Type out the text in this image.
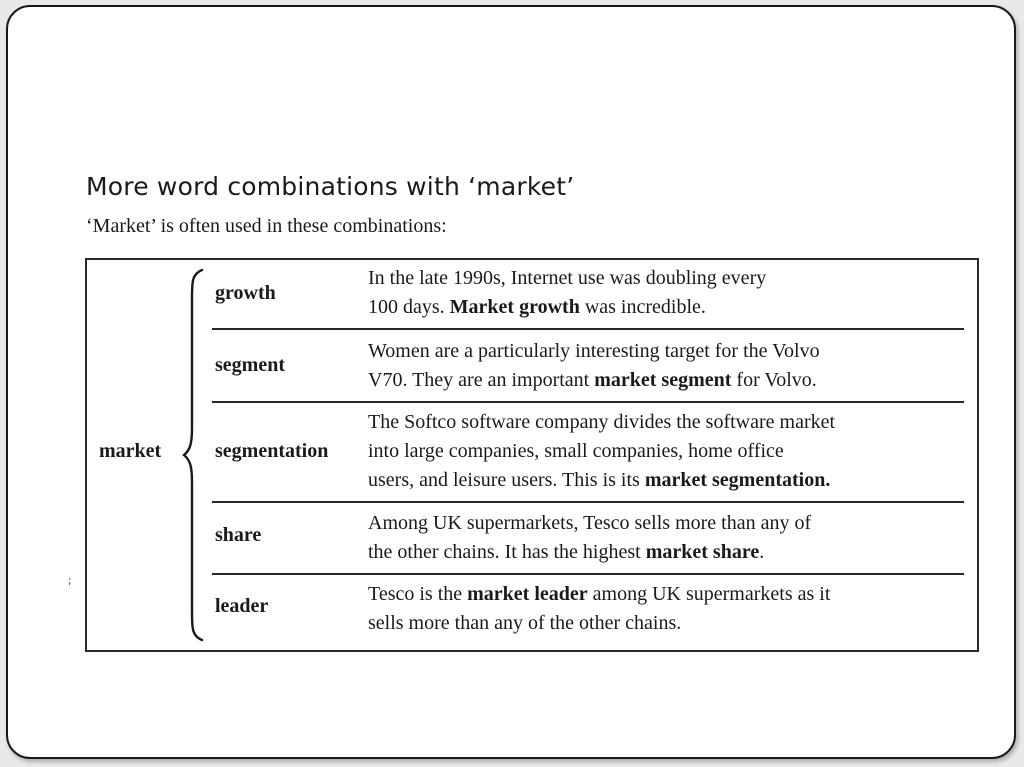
More word combinations with ‘market’
‘Market’ is often used in these combinations:
market
growth
In the late 1990s, Internet use was doubling every
100 days. Market growth was incredible.
segment
Women are a particularly interesting target for the Volvo
V70. They are an important market segment for Volvo.
segmentation
The Softco software company divides the software market
into large companies, small companies, home office
users, and leisure users. This is its market segmentation.
share
Among UK supermarkets, Tesco sells more than any of
the other chains. It has the highest market share.
leader
Tesco is the market leader among UK supermarkets as it
sells more than any of the other chains.
;
